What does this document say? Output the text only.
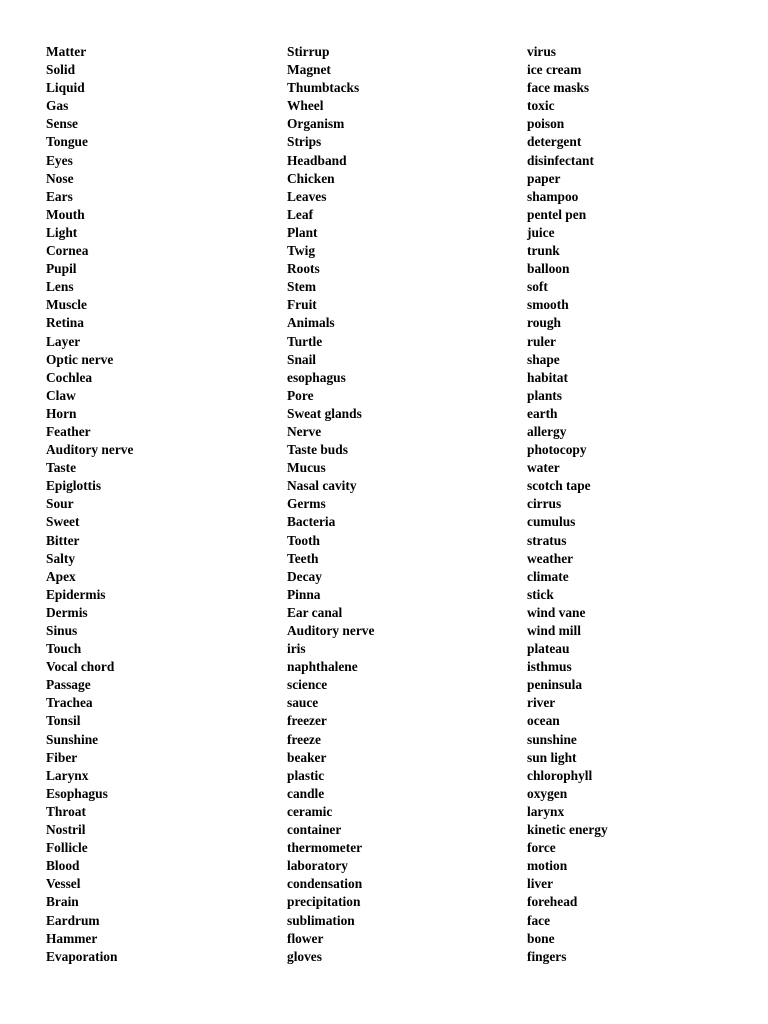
Matter
Solid
Liquid
Gas
Sense
Tongue
Eyes
Nose
Ears
Mouth
Light
Cornea
Pupil
Lens
Muscle
Retina
Layer
Optic nerve
Cochlea
Claw
Horn
Feather
Auditory nerve
Taste
Epiglottis
Sour
Sweet
Bitter
Salty
Apex
Epidermis
Dermis
Sinus
Touch
Vocal chord
Passage
Trachea
Tonsil
Sunshine
Fiber
Larynx
Esophagus
Throat
Nostril
Follicle
Blood
Vessel
Brain
Eardrum
Hammer
Evaporation
Stirrup
Magnet
Thumbtacks
Wheel
Organism
Strips
Headband
Chicken
Leaves
Leaf
Plant
Twig
Roots
Stem
Fruit
Animals
Turtle
Snail
esophagus
Pore
Sweat glands
Nerve
Taste buds
Mucus
Nasal cavity
Germs
Bacteria
Tooth
Teeth
Decay
Pinna
Ear canal
Auditory nerve
iris
naphthalene
science
sauce
freezer
freeze
beaker
plastic
candle
ceramic
container
thermometer
laboratory
condensation
precipitation
sublimation
flower
gloves
virus
ice cream
face masks
toxic
poison
detergent
disinfectant
paper
shampoo
pentel pen
juice
trunk
balloon
soft
smooth
rough
ruler
shape
habitat
plants
earth
allergy
photocopy
water
scotch tape
cirrus
cumulus
stratus
weather
climate
stick
wind vane
wind mill
plateau
isthmus
peninsula
river
ocean
sunshine
sun light
chlorophyll
oxygen
larynx
kinetic energy
force
motion
liver
forehead
face
bone
fingers
